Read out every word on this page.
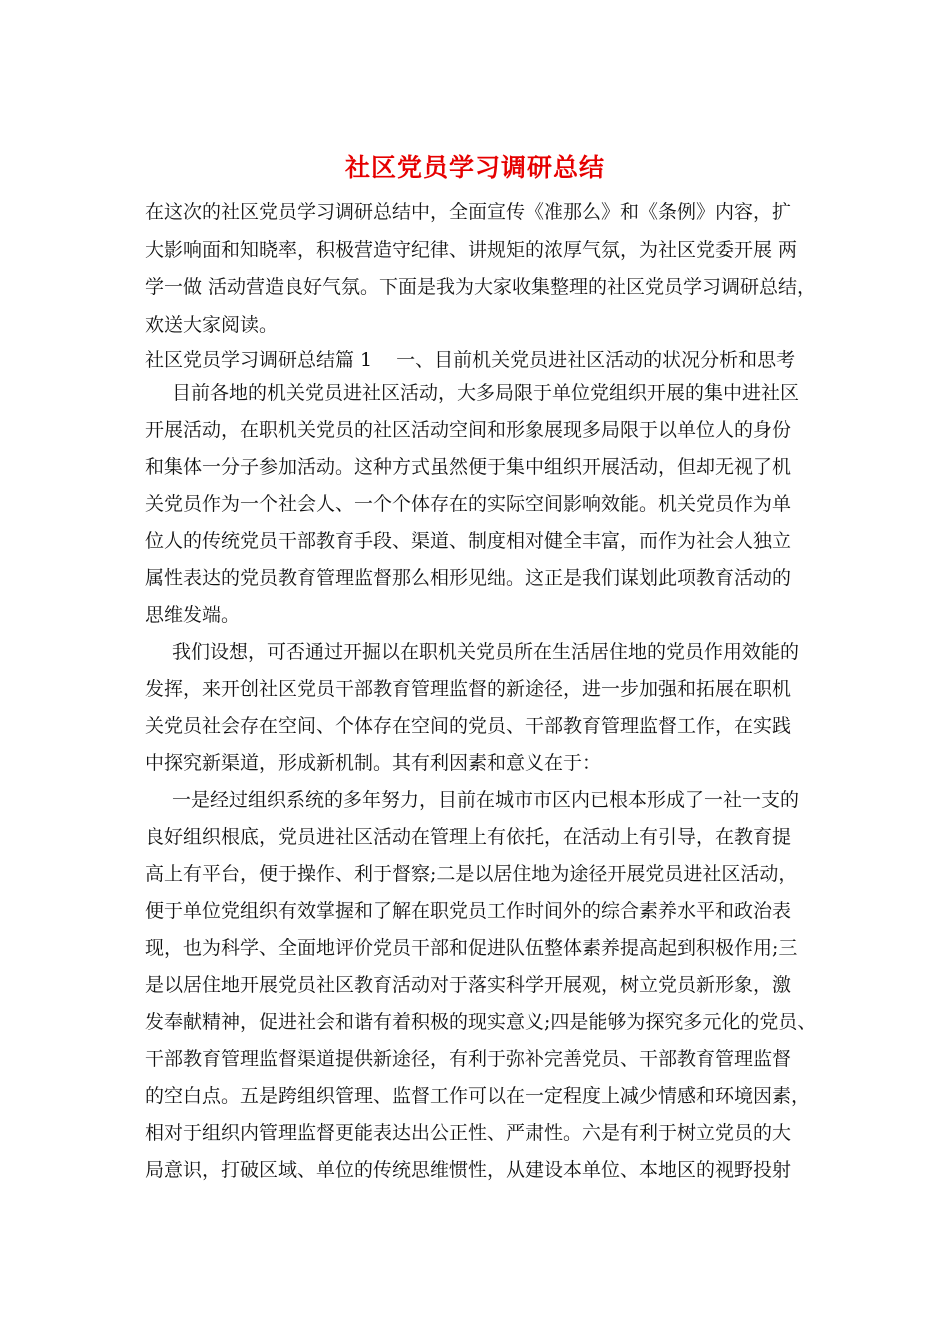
社区党员学习调研总结
在这次的社区党员学习调研总结中，全面宣传《准那么》和《条例》内容，扩
大影响面和知晓率，积极营造守纪律、讲规矩的浓厚气氛，为社区党委开展 两
学一做 活动营造良好气氛。下面是我为大家收集整理的社区党员学习调研总结，
欢送大家阅读。
社区党员学习调研总结篇 1 一、目前机关党员进社区活动的状况分析和思考
目前各地的机关党员进社区活动，大多局限于单位党组织开展的集中进社区
开展活动，在职机关党员的社区活动空间和形象展现多局限于以单位人的身份
和集体一分子参加活动。这种方式虽然便于集中组织开展活动，但却无视了机
关党员作为一个社会人、一个个体存在的实际空间影响效能。机关党员作为单
位人的传统党员干部教育手段、渠道、制度相对健全丰富，而作为社会人独立
属性表达的党员教育管理监督那么相形见绌。这正是我们谋划此项教育活动的
思维发端。
我们设想，可否通过开掘以在职机关党员所在生活居住地的党员作用效能的
发挥，来开创社区党员干部教育管理监督的新途径，进一步加强和拓展在职机
关党员社会存在空间、个体存在空间的党员、干部教育管理监督工作，在实践
中探究新渠道，形成新机制。其有利因素和意义在于：
一是经过组织系统的多年努力，目前在城市市区内已根本形成了一社一支的
良好组织根底，党员进社区活动在管理上有依托，在活动上有引导，在教育提
高上有平台，便于操作、利于督察;二是以居住地为途径开展党员进社区活动，
便于单位党组织有效掌握和了解在职党员工作时间外的综合素养水平和政治表
现，也为科学、全面地评价党员干部和促进队伍整体素养提高起到积极作用;三
是以居住地开展党员社区教育活动对于落实科学开展观，树立党员新形象，激
发奉献精神，促进社会和谐有着积极的现实意义;四是能够为探究多元化的党员、
干部教育管理监督渠道提供新途径，有利于弥补完善党员、干部教育管理监督
的空白点。五是跨组织管理、监督工作可以在一定程度上减少情感和环境因素，
相对于组织内管理监督更能表达出公正性、严肃性。六是有利于树立党员的大
局意识，打破区域、单位的传统思维惯性，从建设本单位、本地区的视野投射
